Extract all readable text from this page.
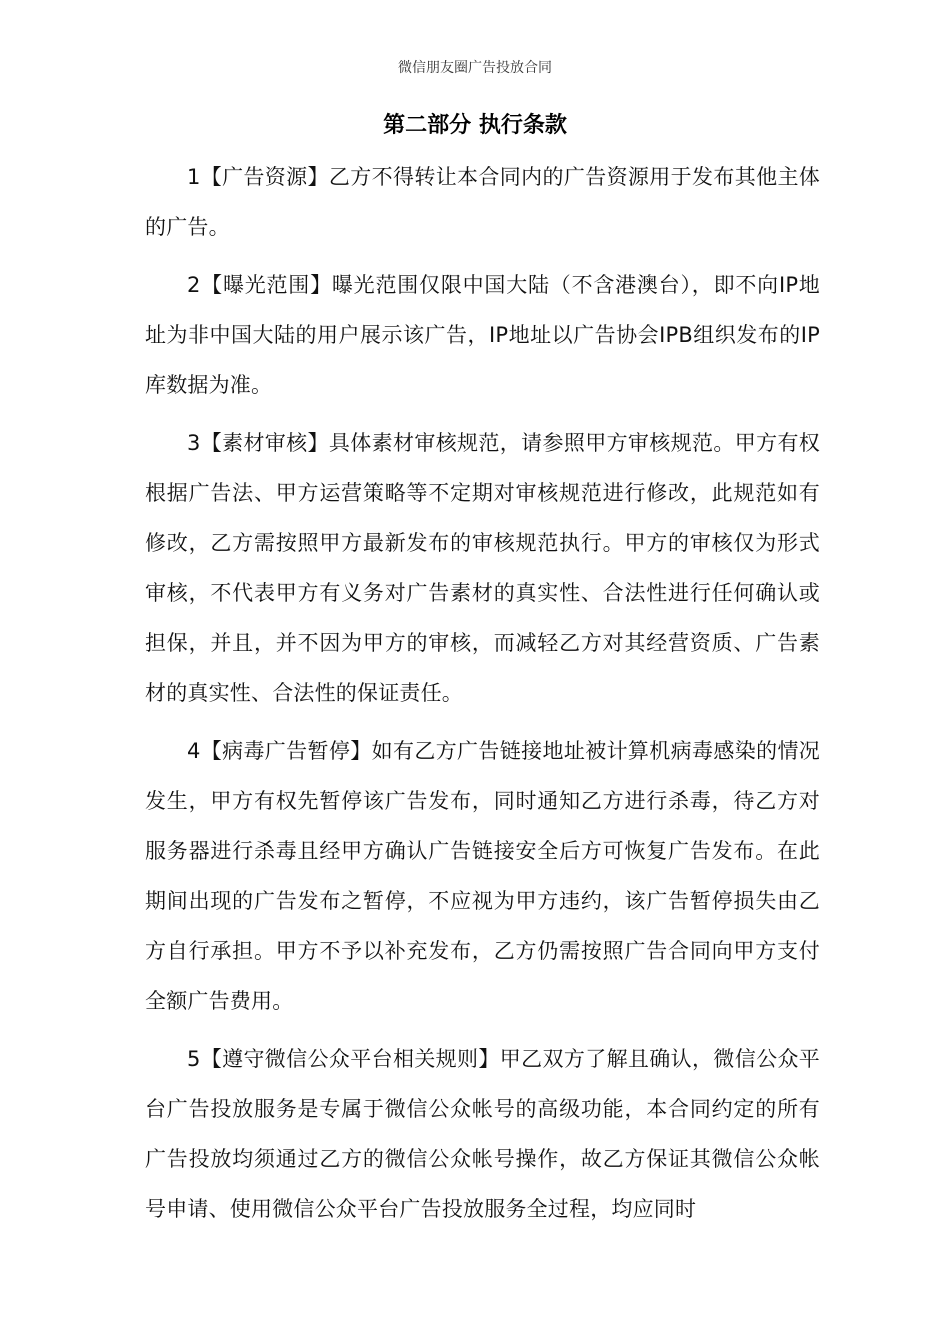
微信朋友圈广告投放合同
第二部分 执行条款

1【广告资源】乙方不得转让本合同内的广告资源用于发布其他主体的广告。

2【曝光范围】曝光范围仅限中国大陆（不含港澳台），即不向IP地址为非中国大陆的用户展示该广告，IP地址以广告协会IPB组织发布的IP库数据为准。

3【素材审核】具体素材审核规范，请参照甲方审核规范。甲方有权根据广告法、甲方运营策略等不定期对审核规范进行修改，此规范如有修改，乙方需按照甲方最新发布的审核规范执行。甲方的审核仅为形式审核，不代表甲方有义务对广告素材的真实性、合法性进行任何确认或担保，并且，并不因为甲方的审核，而减轻乙方对其经营资质、广告素材的真实性、合法性的保证责任。

4【病毒广告暂停】如有乙方广告链接地址被计算机病毒感染的情况发生，甲方有权先暂停该广告发布，同时通知乙方进行杀毒，待乙方对服务器进行杀毒且经甲方确认广告链接安全后方可恢复广告发布。在此期间出现的广告发布之暂停，不应视为甲方违约，该广告暂停损失由乙方自行承担。甲方不予以补充发布，乙方仍需按照广告合同向甲方支付全额广告费用。

5【遵守微信公众平台相关规则】甲乙双方了解且确认，微信公众平台广告投放服务是专属于微信公众帐号的高级功能，本合同约定的所有广告投放均须通过乙方的微信公众帐号操作，故乙方保证其微信公众帐号申请、使用微信公众平台广告投放服务全过程，均应同时
